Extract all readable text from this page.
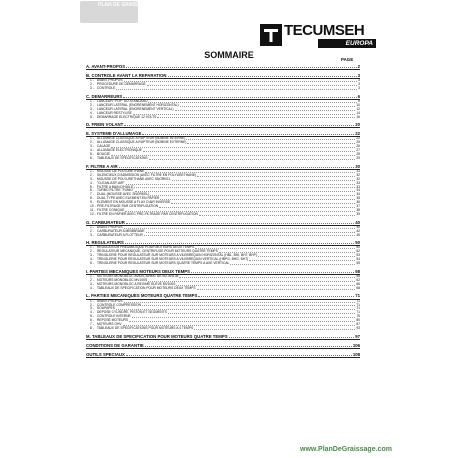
PLAN DE GRAISSAGE
TECUMSEH
EUROPA
SOMMAIRE	PAGE
A. AVANT-PROPOS	2
B. CONTROLE AVANT LA REPARATION	3
1 - AVANT-PROPOS	3
2 - PROCEDURE DE DEMARRAGE	3
3 - CONTROLE	3
C. DEMARREURS	6
1 - LANCEUR "POP" DU STANDARD	6
2 - LANCEUR LATERAL (ENGRENEMENT HORIZONTAL)	10
3 - LANCEUR LATERAL (ENGRENEMENT VERTICAL)	12
4 - LANCEUR RESTYLISE	14
5 - DEMARRAGE ELECTRIQUE 12 VOLTS	16
D. FREIN VOLANT	20
E. SYSTEME D'ALLUMAGE	22
1 - ALLUMAGE CLASSIQUE A RUPTEUR (BOBINE INTERNE)	22
2 - ALLUMAGE CLASSIQUE A RUPTEUR (BOBINE EXTERNE)	25
3 - CALAGE	26
4 - ALLUMAGE ELECTRONIQUE	27
5 - BOUGIE	28
6 - TABLEAUX DE SPECIFICATIONS	29
F. FILTRE A AIR	30
1 - MOUSSE DE POLYURETHANE	31
2 - SILENCIEUX D'ADMISSION (AVEC FILTRE EN POLYURETHANE)	32
3 - MOUSSE DE POLYURETHANE AVEC SNORKEL	32
4 - "CLEAN-ASP-AIR"	33
5 - FILTRE A BAIN D'HUILE	33
6 - TURBO FILTRE "FUNKI"	34
7 - DUAL (MOUSSE AVEC SNORKEL)	34
8 - DUAL TYPE AVEC ELEMENT EN PAPIER	35
9 - ELEMENT EN MOUSSE A FLUX D'AIR INVERSE	36
10 - PRE-FILTRAGE PAR CENTRIFUGATION	37
11 - FILTRE CONIQUE	38
12 - FILTRE EN PAPIER AVEC PRE-FILTRAGE PAR CENTRIFUGATION	39
G. CARBURATEUR	40
1 - AVANT-PROPOS	40
2 - CARBURATEUR A MEMBRANE	42
3 - CARBURATEUR A FLOTTEUR	45
H. REGULATEURS	50
1 - REGULATEUR PNEUMATIQUE POUR MOTEURS DEUX TEMPS	50
2 - REGULATEUR MECANIQUE, CENTRIFUGE POUR MOTEURS QUATRE TEMPS	52
3 - TRINGLERIE POUR REGULATEUR SUR MOTEURS A VILEBREQUIN HORIZONTAL (HBL, BHI, BHT, BHP)	53
4 - TRINGLERIE POUR REGULATEUR SUR MOTEURS A VILEBREQUIN VERTICAL (HBPG, BHG, BHT)	54
5 - TRINGLERIE POUR REGULATEUR SUR MOTEURS QUATRE TEMPS A AXE VERTICAL	55
I. PARTIES MECANIQUES MOTEURS DEUX TEMPS	58
1 - MOTEURS MONOBLOC AV520, AV600, AV750, AH135	58
2 - MOTEURS MONOBLOC MV100S	62
3 - MOTEURS MONOBLOC A REGIME ELEVE MV100S	66
4 - TABLEAUX DE SPECIFICATION POUR MOTEURS DEUX TEMPS	68
L. PARTIES MECANIQUES MOTEURS QUATRE TEMPS	71
1 - AVANT-PROPOS	71
2 - CONTROLE COMPRESSION	71
3 - SOUPAPES	71
4 - DEPOSE CYLINDRE, PISTON ET SEGMENTS	71
5 - CONTROLE INTERNE	75
6 - REPOSE MOTEURS	80
7 - MOTEURS OHV	87
8 - TABLEAUX DE SPECIFICATIONS POUR MOTEURS A 4 TEMPS	93
M. TABLEAUX DE SPECIFICATION POUR MOTEURS QUATRE TEMPS	97
CONDITIONS DE GARANTIE	106
OUTILS SPECIAUX	108
www.PlanDeGraissage.com
